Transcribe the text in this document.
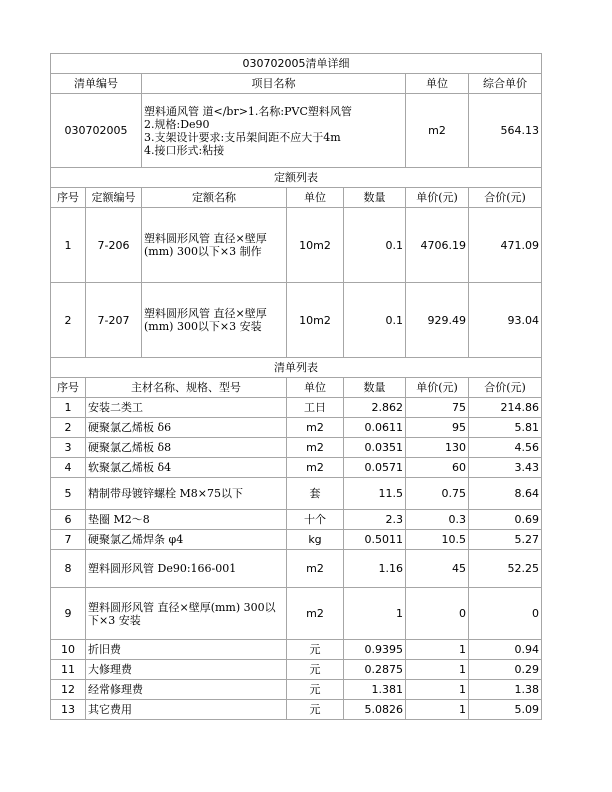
030702005清单详细						
清单编号		项目名称			单位	综合单价
030702005		塑料通风管 道</br>1.名称:PVC塑料风管
2.规格:De90
3.支架设计要求:支吊架间距不应大于4m
4.接口形式:粘接			m2	564.13
定额列表						
序号	定额编号	定额名称	单位	数量	单价(元)	合价(元)
1	7-206	塑料圆形风管 直径×壁厚(mm) 300以下×3 制作	10m2	0.1	4706.19	471.09
2	7-207	塑料圆形风管 直径×壁厚(mm) 300以下×3 安装	10m2	0.1	929.49	93.04
清单列表						
序号	主材名称、规格、型号		单位	数量	单价(元)	合价(元)
1	安装二类工		工日	2.862	75	214.86
2	硬聚氯乙烯板 δ6		m2	0.0611	95	5.81
3	硬聚氯乙烯板 δ8		m2	0.0351	130	4.56
4	软聚氯乙烯板 δ4		m2	0.0571	60	3.43
5	精制带母镀锌螺栓 M8×75以下		套	11.5	0.75	8.64
6	垫圈 M2～8		十个	2.3	0.3	0.69
7	硬聚氯乙烯焊条 φ4		kg	0.5011	10.5	5.27
8	塑料圆形风管 De90:166-001		m2	1.16	45	52.25
9	塑料圆形风管 直径×壁厚(mm) 300以下×3 安装		m2	1	0	0
10	折旧费		元	0.9395	1	0.94
11	大修理费		元	0.2875	1	0.29
12	经常修理费		元	1.381	1	1.38
13	其它费用		元	5.0826	1	5.09
